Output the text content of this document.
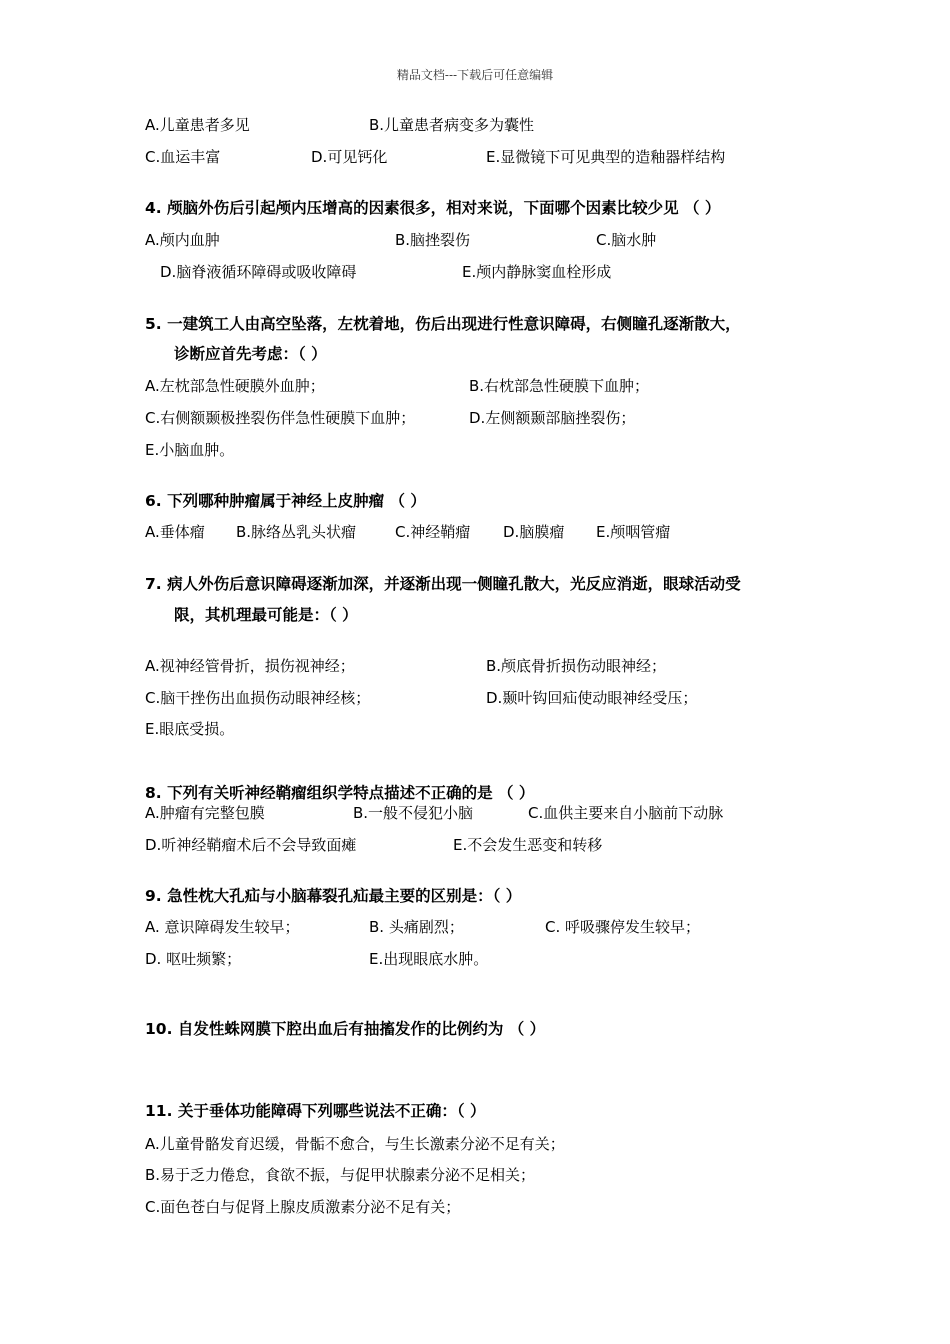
精品文档---下载后可任意编辑
A.儿童患者多见	B.儿童患者病变多为囊性
C.血运丰富	D.可见钙化	E.显微镜下可见典型的造釉器样结构
4. 颅脑外伤后引起颅内压增高的因素很多，相对来说，下面哪个因素比较少见 （ ）
A.颅内血肿	B.脑挫裂伤	C.脑水肿
D.脑脊液循环障碍或吸收障碍	E.颅内静脉窦血栓形成
5. 一建筑工人由高空坠落，左枕着地，伤后出现进行性意识障碍，右侧瞳孔逐渐散大，
诊断应首先考虑：（ ）
A.左枕部急性硬膜外血肿；	B.右枕部急性硬膜下血肿；
C.右侧额颞极挫裂伤伴急性硬膜下血肿；	D.左侧额颞部脑挫裂伤；
E.小脑血肿。
6. 下列哪种肿瘤属于神经上皮肿瘤 （ ）
A.垂体瘤 B.脉络丛乳头状瘤	C.神经鞘瘤 D.脑膜瘤 E.颅咽管瘤
7. 病人外伤后意识障碍逐渐加深，并逐渐出现一侧瞳孔散大，光反应消逝，眼球活动受
限，其机理最可能是：（ ）
A.视神经管骨折，损伤视神经；	B.颅底骨折损伤动眼神经；
C.脑干挫伤出血损伤动眼神经核；	D.颞叶钩回疝使动眼神经受压；
E.眼底受损。
8. 下列有关听神经鞘瘤组织学特点描述不正确的是 （ ）
A.肿瘤有完整包膜	B.一般不侵犯小脑	C.血供主要来自小脑前下动脉
D.听神经鞘瘤术后不会导致面瘫	E.不会发生恶变和转移
9. 急性枕大孔疝与小脑幕裂孔疝最主要的区别是：（ ）
A. 意识障碍发生较早；	B. 头痛剧烈；	C. 呼吸骤停发生较早；
D. 呕吐频繁；	E.出现眼底水肿。
10. 自发性蛛网膜下腔出血后有抽搐发作的比例约为 （ ）
11. 关于垂体功能障碍下列哪些说法不正确：（ ）
A.儿童骨骼发育迟缓，骨骺不愈合，与生长激素分泌不足有关；
B.易于乏力倦怠，食欲不振，与促甲状腺素分泌不足相关；
C.面色苍白与促肾上腺皮质激素分泌不足有关；
